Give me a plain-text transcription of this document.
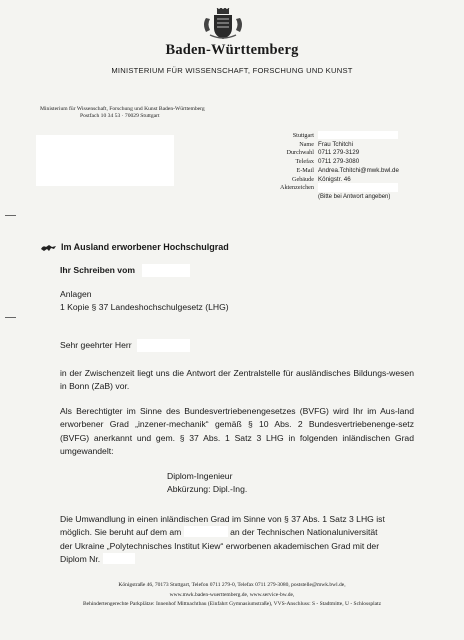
Baden-Württemberg
MINISTERIUM FÜR WISSENSCHAFT, FORSCHUNG UND KUNST
Ministerium für Wissenschaft, Forschung und Kunst Baden-Württemberg
Postfach 10 34 53 · 70029 Stuttgart
Stuttgart
Name Frau Tchitchi
Durchwahl 0711 279-3129
Telefax 0711 279-3080
E-Mail Andrea.Tchitchi@mwk.bwl.de
Gebäude Königstr. 46
Aktenzeichen
(Bitte bei Antwort angeben)
Im Ausland erworbener Hochschulgrad
Ihr Schreiben vom
Anlagen
1 Kopie § 37 Landeshochschulgesetz (LHG)
Sehr geehrter Herr
in der Zwischenzeit liegt uns die Antwort der Zentralstelle für ausländisches Bildungs-wesen in Bonn (ZaB) vor.
Als Berechtigter im Sinne des Bundesvertriebenengesetzes (BVFG) wird Ihr im Aus-land erworbener Grad „inzener-mechanik“ gemäß § 10 Abs. 2 Bundesvertriebenenge-setz (BVFG) anerkannt und gem. § 37 Abs. 1 Satz 3 LHG in folgenden inländischen Grad umgewandelt:
Diplom-Ingenieur
Abkürzung: Dipl.-Ing.
Die Umwandlung in einen inländischen Grad im Sinne von § 37 Abs. 1 Satz 3 LHG ist
möglich. Sie beruht auf dem am	an der Technischen Nationaluniversität
der Ukraine „Polytechnisches Institut Kiew“ erworbenen akademischen Grad mit der
Diplom Nr.
Königstraße 46, 70173 Stuttgart, Telefon 0711 279-0, Telefax 0711 279-3080, poststelle@mwk.bwl.de,
www.mwk.baden-wuerttemberg.de, www.service-bw.de,
Behindertengerechte Parkplätze: Innenhof Mittnachtbau (Einfahrt Gymnasiumstraße), VVS-Anschluss: S - Stadtmitte, U - Schlossplatz
